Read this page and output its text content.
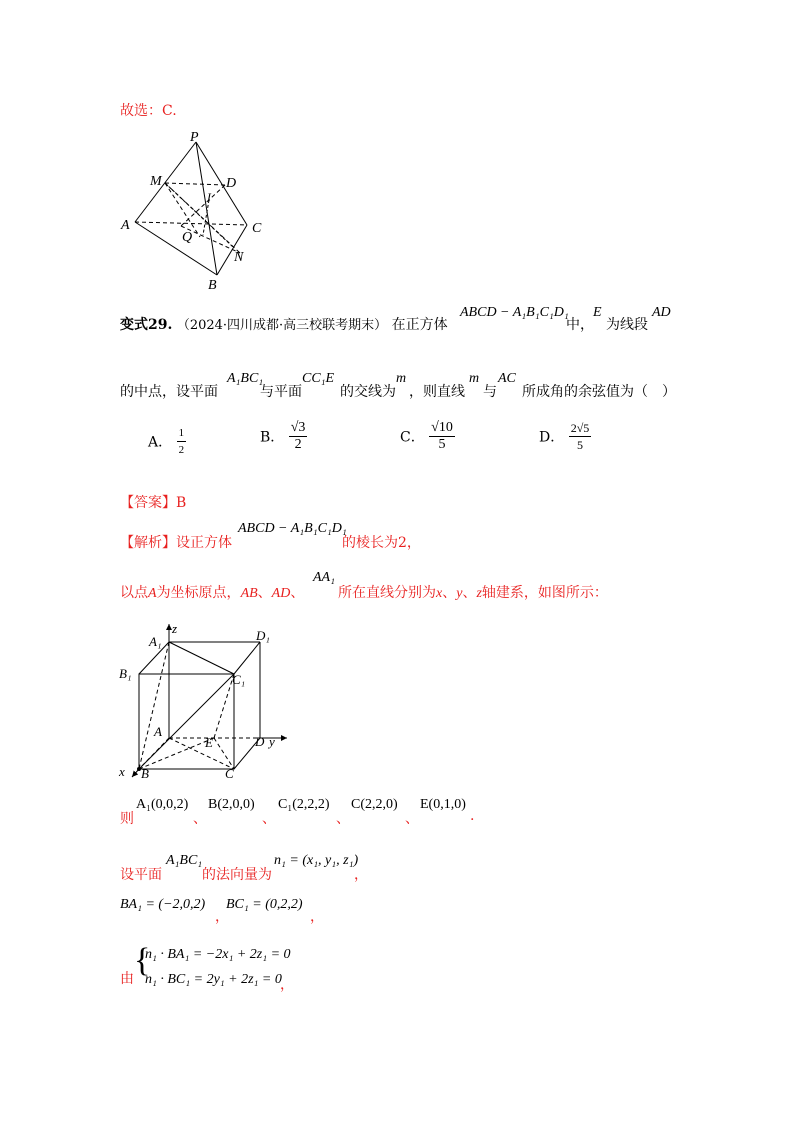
故选：C.
P
M	D
I
A
Q
C
N
B
变式29. （2024·四川成都·高三校联考期末） 在正方体
ABCD − A₁B₁C₁D₁
中，
E
为线段
AD
的中点，设平面
A₁BC₁
与平面
CC₁E
的交线为
m
，则直线
m
与
AC
所成角的余弦值为（　）
A． $\frac{1}{2}$	B． $\frac{√3}{2}$	C． $\frac{√10}{5}$	D． $\frac{2√5}{5}$
【答案】B
【解析】设正方体
ABCD − A₁B₁C₁D₁
的棱长为2，
以点A为坐标原点，AB、AD、
AA₁
所在直线分别为x、y、z轴建系，如图所示：
A₁
z	D₁
B₁	C₁
A
E	D y
x B	C
则
A₁(0,0,2)
、
B(2,0,0)
、
C₁(2,2,2)
、
C(2,2,0)
、
E(0,1,0)
.
设平面
A₁BC₁
的法向量为
n₁ = (x₁, y₁, z₁)
，
BA₁ = (−2,0,2)
，
BC₁ = (0,2,2)
，
由 {
n₁ · BA₁ = −2x₁ + 2z₁ = 0
n₁ · BC₁ = 2y₁ + 2z₁ = 0
，
